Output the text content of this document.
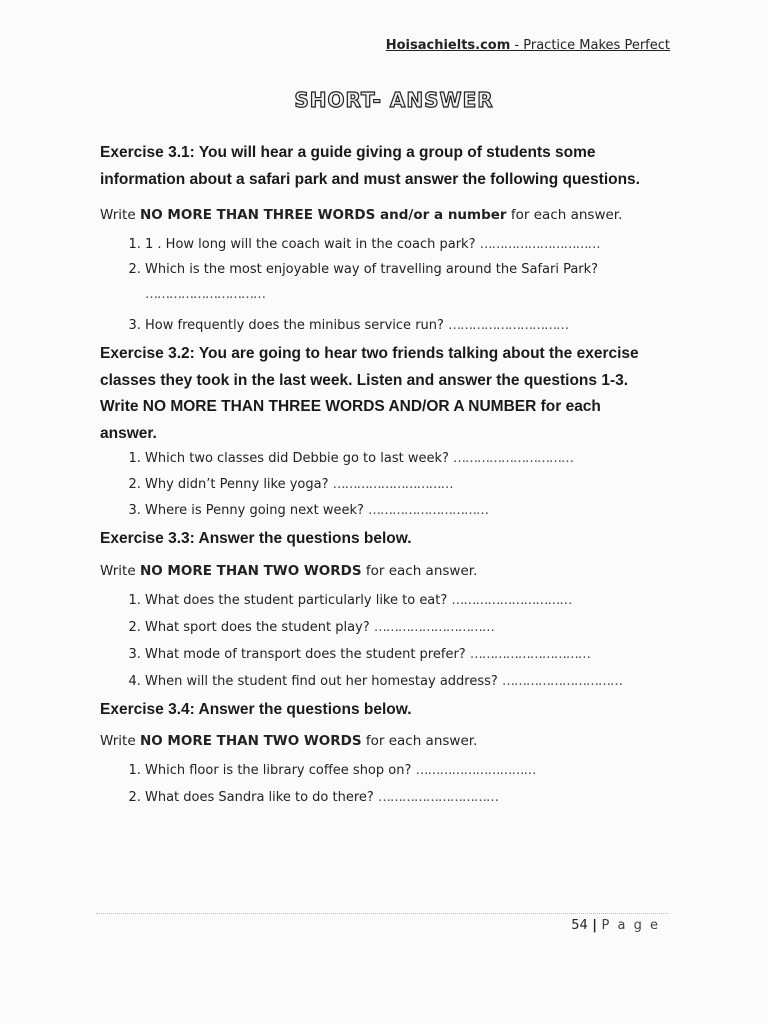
Hoisachielts.com - Practice Makes Perfect
SHORT- ANSWER

Exercise 3.1: You will hear a guide giving a group of students some information about a safari park and must answer the following questions.

Write NO MORE THAN THREE WORDS and/or a number for each answer.

1. 1 . How long will the coach wait in the coach park? …………………………
2. Which is the most enjoyable way of travelling around the Safari Park?
…………………………
3. How frequently does the minibus service run? …………………………

Exercise 3.2: You are going to hear two friends talking about the exercise classes they took in the last week. Listen and answer the questions 1-3. Write NO MORE THAN THREE WORDS AND/OR A NUMBER for each answer.

1. Which two classes did Debbie go to last week? …………………………
2. Why didn’t Penny like yoga? …………………………
3. Where is Penny going next week? …………………………

Exercise 3.3: Answer the questions below.

Write NO MORE THAN TWO WORDS for each answer.

1. What does the student particularly like to eat? …………………………
2. What sport does the student play? …………………………
3. What mode of transport does the student prefer? …………………………
4. When will the student find out her homestay address? …………………………

Exercise 3.4: Answer the questions below.

Write NO MORE THAN TWO WORDS for each answer.

1. Which floor is the library coffee shop on? …………………………
2. What does Sandra like to do there? …………………………
54 | P a g e
